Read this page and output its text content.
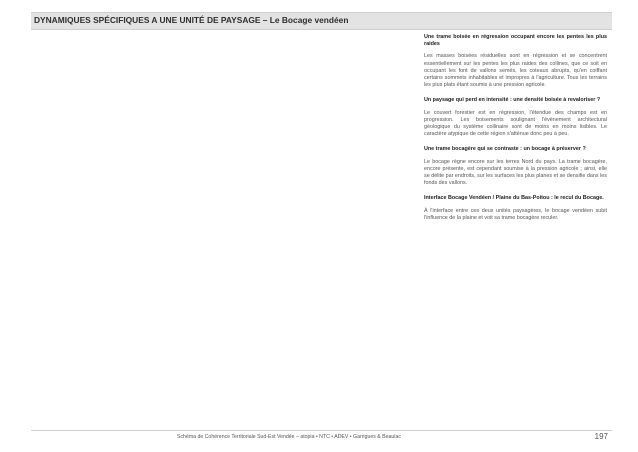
DYNAMIQUES SPÉCIFIQUES A UNE UNITÉ DE PAYSAGE – Le Bocage vendéen
Une trame boisée en régression occupant encore les pentes les plus raides
Les masses boisées résiduelles sont en régression et se concentrent essentiellement sur les pentes les plus raides des collines, que ce soit en occupant les font de vallons semés, les coteaux abrupts, qu'en coiffant certains sommets inhabitables et impropres à l'agriculture. Tous les terrains les plus plats étant soumis à une pression agricole.
Un paysage qui perd en intensité : une densité boisée à revaloriser ?
Le couvert forestier est en régression, l'étendue des champs est en progression. Les boisements soulignant l'évènement architectural géologique du système collinaire sont de moins en moins lisibles. Le caractère atypique de cette région s'atténue donc peu à peu.
Une trame bocagère qui se contraste : un bocage à préserver ?
Le bocage règne encore sur les terres Nord du pays. La trame bocagère, encore présente, est cependant soumise à la pression agricole ; ainsi, elle se délite par endroits, sur les surfaces les plus planes et se densifie dans les fonds des vallons.
Interface Bocage Vendéen / Plaine du Bas-Poitou : le recul du Bocage.
À l'interface entre ces deux unités paysagères, le bocage vendéen subit l'influence de la plaine et voit sa trame bocagère reculer.
Schéma de Cohérence Territoriale Sud-Est Vendée – atopia • NTC • ADEV • Garrigues & Beaulac	197
